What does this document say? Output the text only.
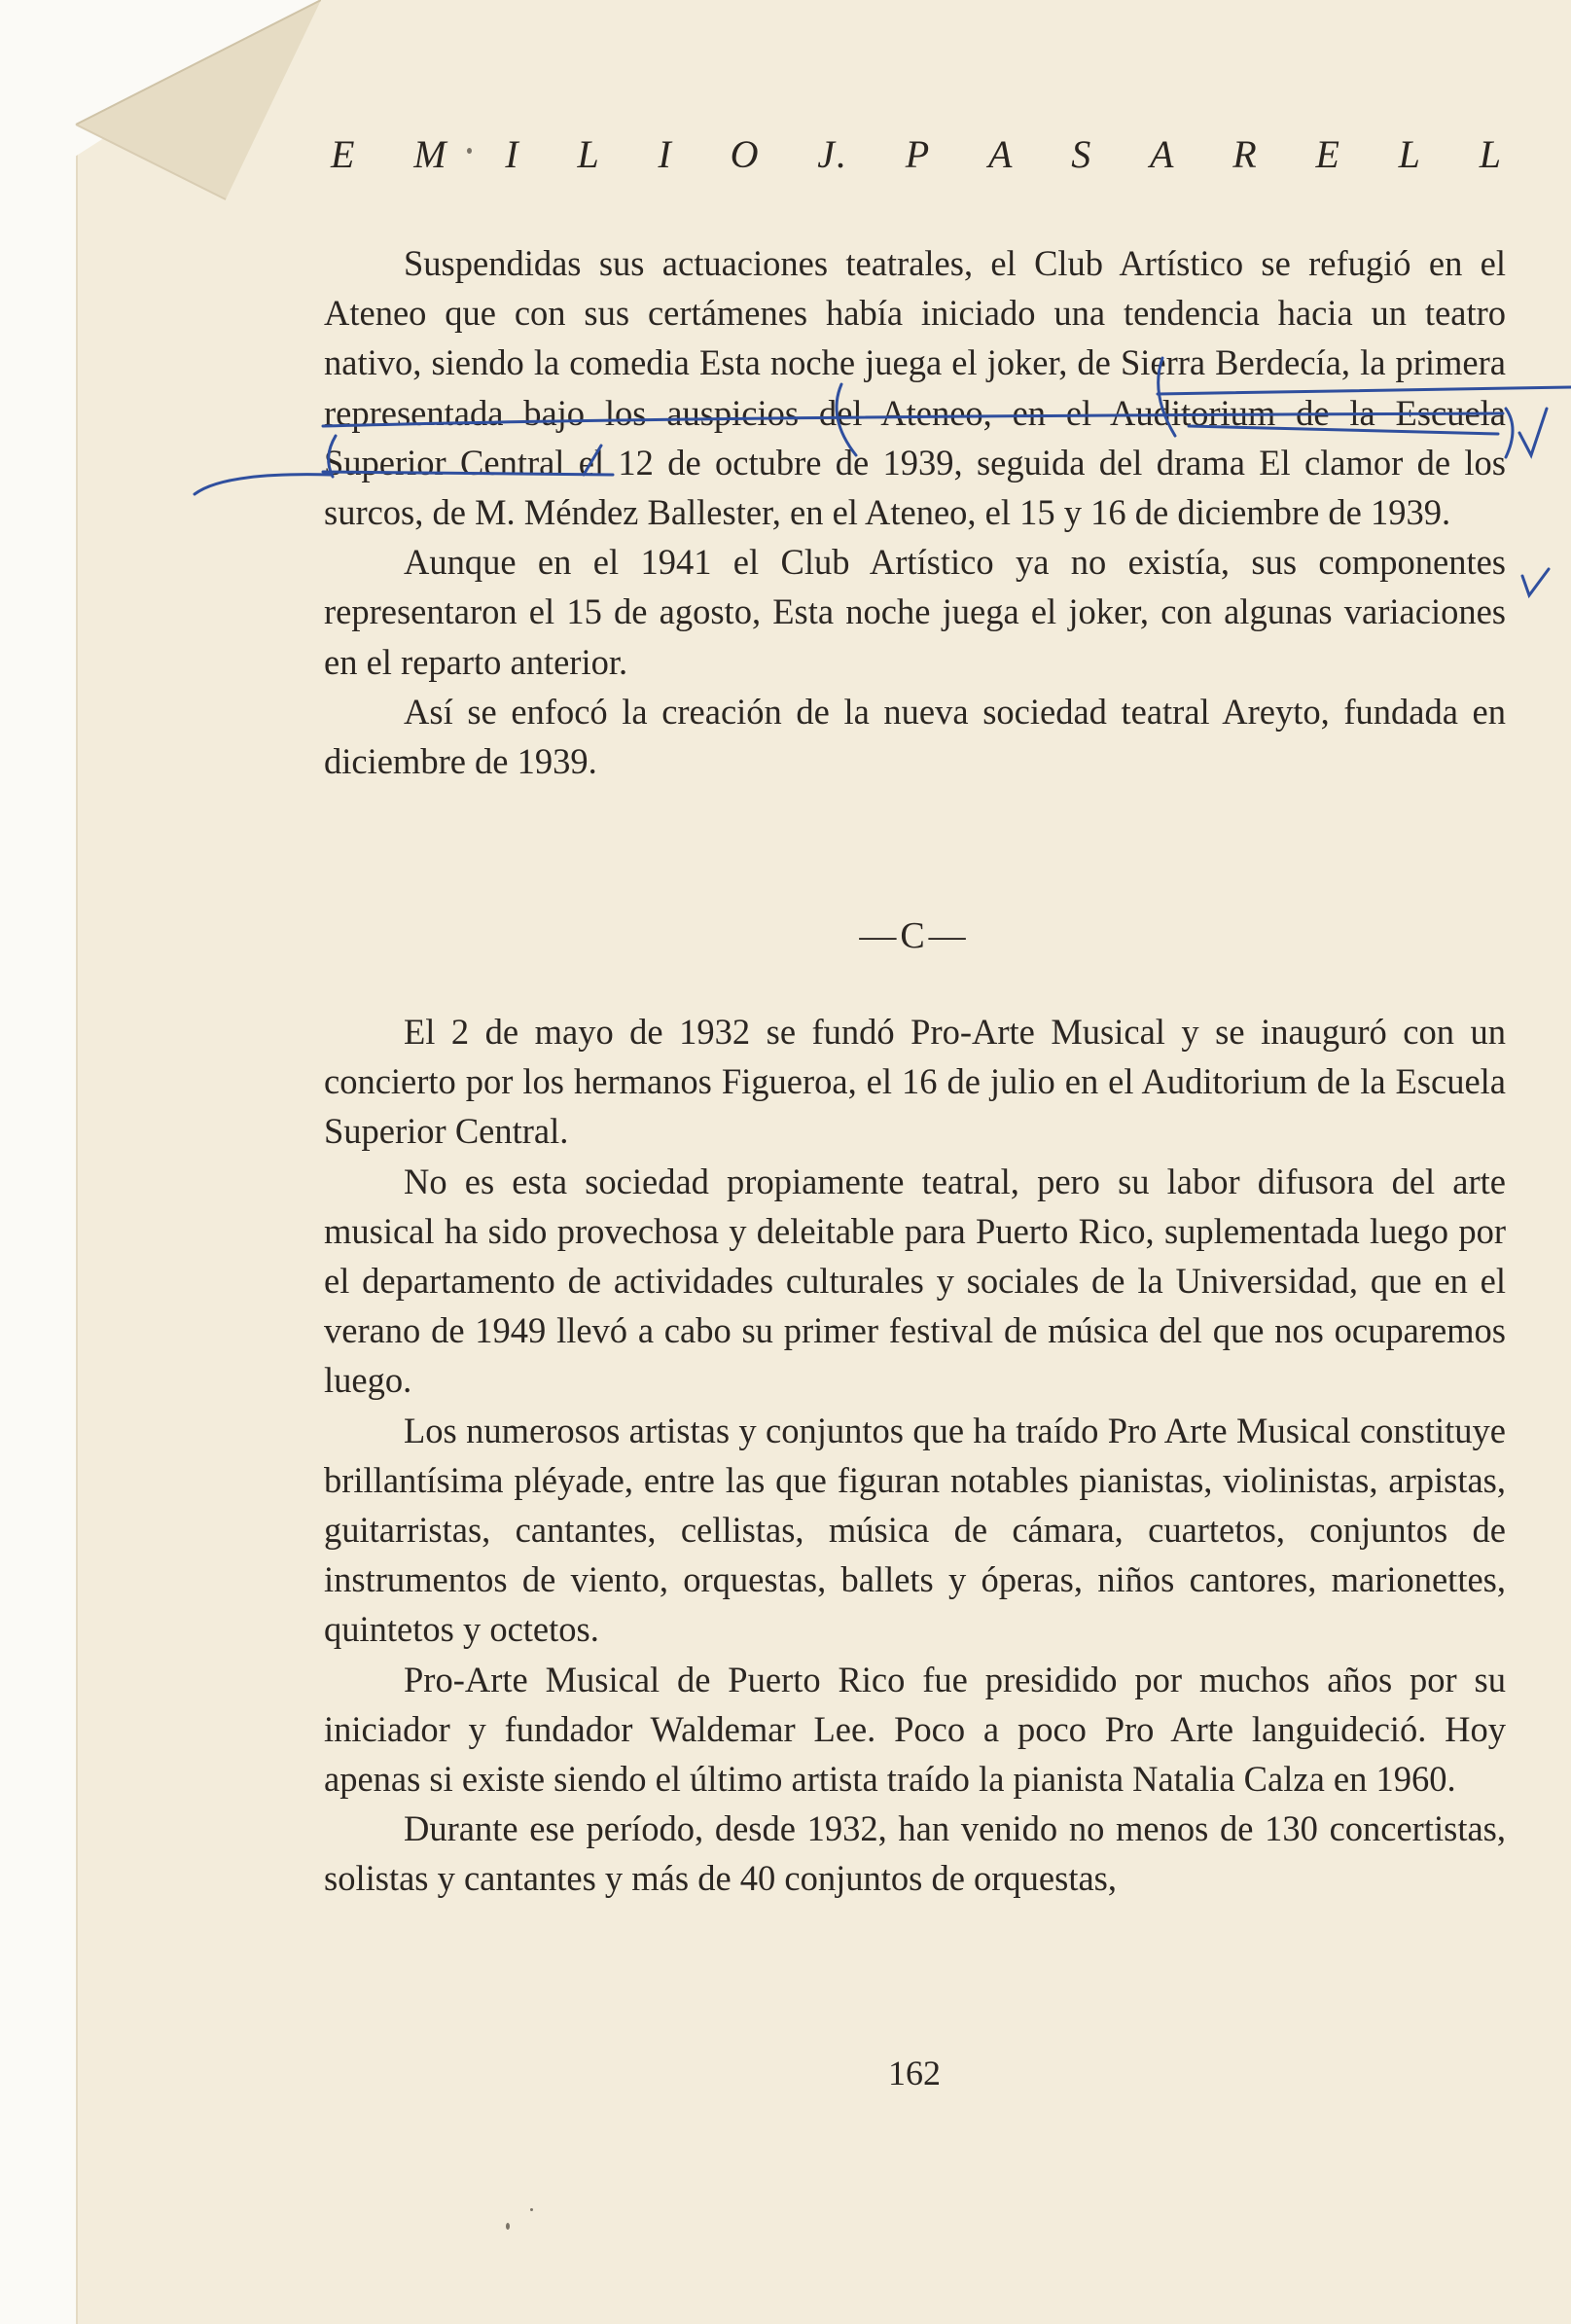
E M I L I O J. P A S A R E L L

Suspendidas sus actuaciones teatrales, el Club Artístico se refugió en el Ateneo que con sus certámenes había iniciado una tendencia hacia un teatro nativo, siendo la comedia Esta noche juega el joker, de Sierra Berdecía, la primera representada bajo los auspicios del Ateneo, en el Auditorium de la Escuela Superior Central el 12 de octubre de 1939, seguida del drama El clamor de los surcos, de M. Méndez Ballester, en el Ateneo, el 15 y 16 de diciembre de 1939.

Aunque en el 1941 el Club Artístico ya no existía, sus componentes representaron el 15 de agosto, Esta noche juega el joker, con algunas variaciones en el reparto anterior.

Así se enfocó la creación de la nueva sociedad teatral Areyto, fundada en diciembre de 1939.

—C—

El 2 de mayo de 1932 se fundó Pro-Arte Musical y se inauguró con un concierto por los hermanos Figueroa, el 16 de julio en el Auditorium de la Escuela Superior Central.

No es esta sociedad propiamente teatral, pero su labor difusora del arte musical ha sido provechosa y deleitable para Puerto Rico, suplementada luego por el departamento de actividades culturales y sociales de la Universidad, que en el verano de 1949 llevó a cabo su primer festival de música del que nos ocuparemos luego.

Los numerosos artistas y conjuntos que ha traído Pro Arte Musical constituye brillantísima pléyade, entre las que figuran notables pianistas, violinistas, arpistas, guitarristas, cantantes, cellistas, música de cámara, cuartetos, conjuntos de instrumentos de viento, orquestas, ballets y óperas, niños cantores, marionettes, quintetos y octetos.

Pro-Arte Musical de Puerto Rico fue presidido por muchos años por su iniciador y fundador Waldemar Lee. Poco a poco Pro Arte languideció. Hoy apenas si existe siendo el último artista traído la pianista Natalia Calza en 1960.

Durante ese período, desde 1932, han venido no menos de 130 concertistas, solistas y cantantes y más de 40 conjuntos de orquestas,

162
